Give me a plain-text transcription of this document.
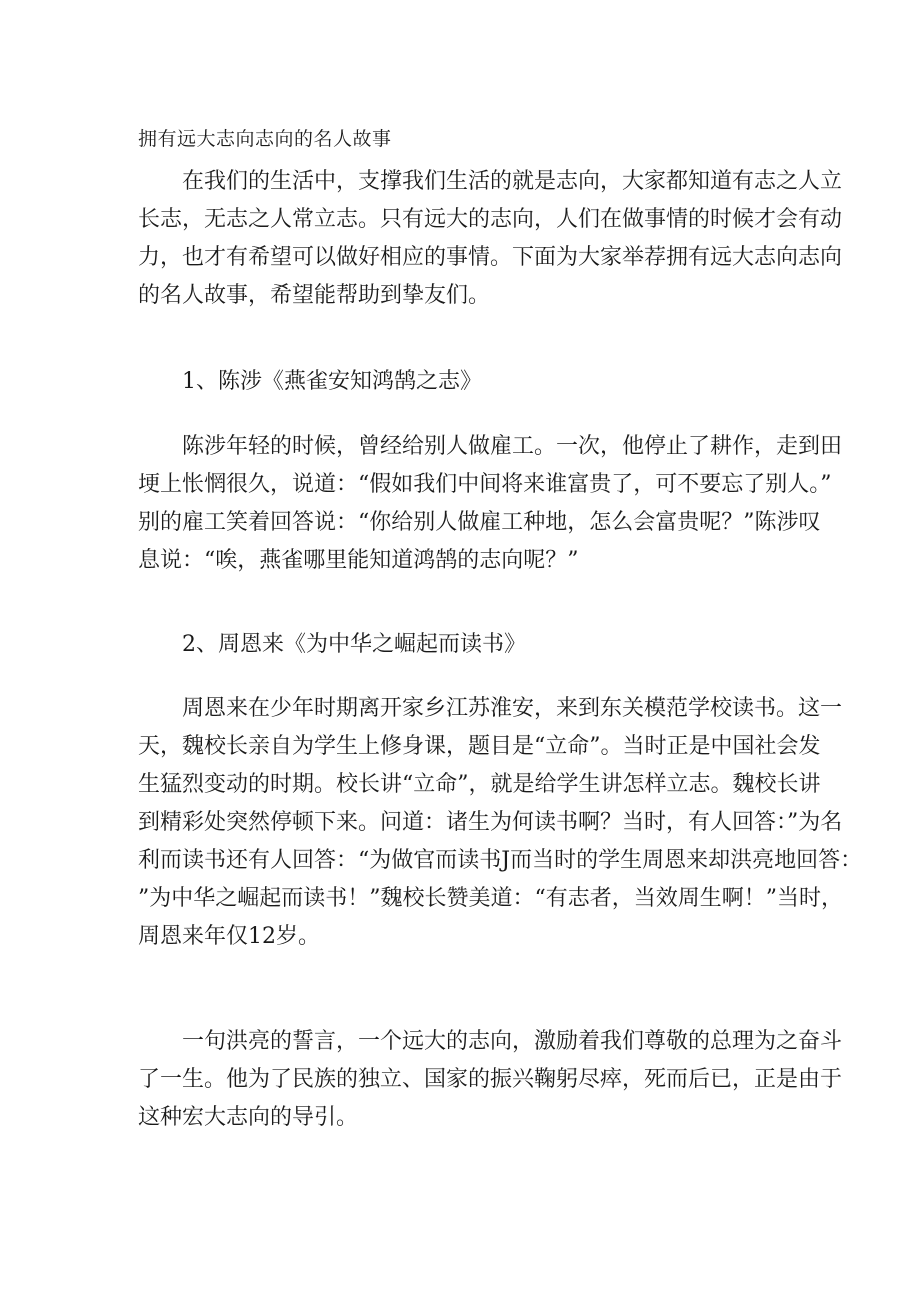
拥有远大志向志向的名人故事

在我们的生活中，支撑我们生活的就是志向，大家都知道有志之人立
长志，无志之人常立志。只有远大的志向，人们在做事情的时候才会有动
力，也才有希望可以做好相应的事情。下面为大家举荐拥有远大志向志向
的名人故事，希望能帮助到挚友们。

1、陈涉《燕雀安知鸿鹄之志》

陈涉年轻的时候，曾经给别人做雇工。一次，他停止了耕作，走到田
埂上怅惘很久，说道：“假如我们中间将来谁富贵了，可不要忘了别人。”
别的雇工笑着回答说：“你给别人做雇工种地，怎么会富贵呢？”陈涉叹
息说：“唉，燕雀哪里能知道鸿鹄的志向呢？”

2、周恩来《为中华之崛起而读书》

周恩来在少年时期离开家乡江苏淮安，来到东关模范学校读书。这一
天，魏校长亲自为学生上修身课，题目是“立命”。当时正是中国社会发
生猛烈变动的时期。校长讲“立命”，就是给学生讲怎样立志。魏校长讲
到精彩处突然停顿下来。问道：诸生为何读书啊？当时，有人回答：”为名
利而读书还有人回答：“为做官而读书J而当时的学生周恩来却洪亮地回答：
”为中华之崛起而读书！”魏校长赞美道：“有志者，当效周生啊！”当时，
周恩来年仅12岁。

一句洪亮的誓言，一个远大的志向，激励着我们尊敬的总理为之奋斗
了一生。他为了民族的独立、国家的振兴鞠躬尽瘁，死而后已，正是由于
这种宏大志向的导引。
